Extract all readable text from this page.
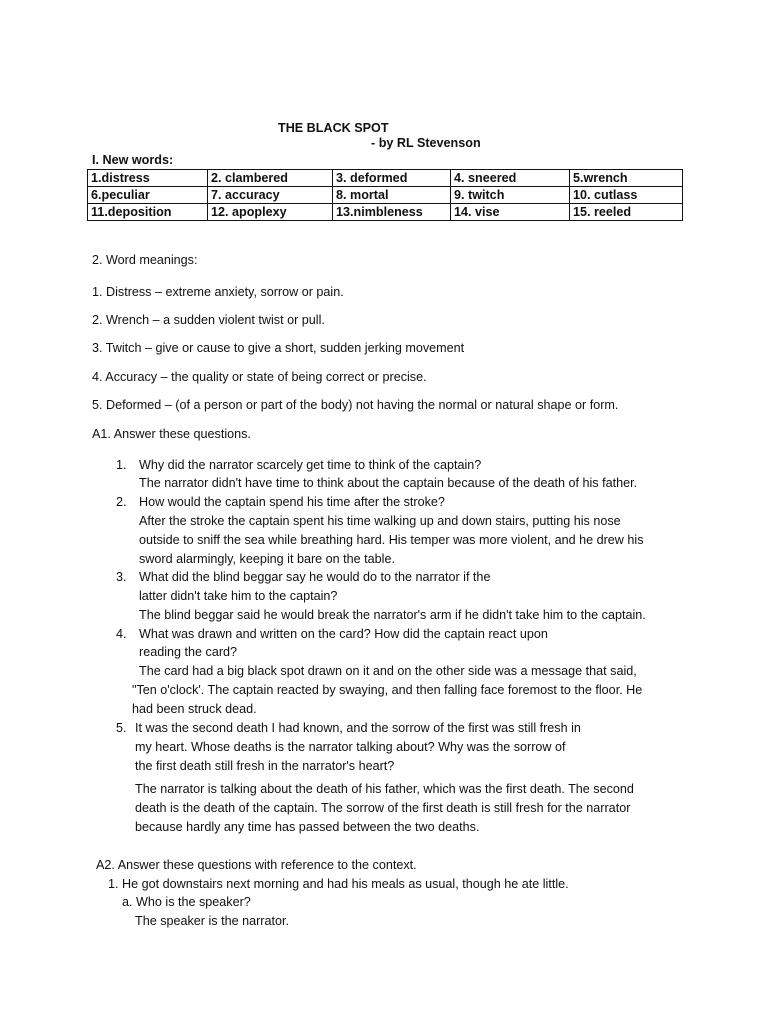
THE BLACK SPOT
- by RL Stevenson
I. New words:
1.distress	2. clambered	3. deformed	4. sneered	5.wrench
6.peculiar	7. accuracy	8. mortal	9. twitch	10. cutlass
11.deposition	12. apoplexy	13.nimbleness	14. vise	15. reeled
2. Word meanings:
1. Distress – extreme anxiety, sorrow or pain.
2. Wrench – a sudden violent twist or pull.
3. Twitch – give or cause to give a short, sudden jerking movement
4. Accuracy – the quality or state of being correct or precise.
5. Deformed – (of a person or part of the body) not having the normal or natural shape or form.
A1. Answer these questions.
1. Why did the narrator scarcely get time to think of the captain?
The narrator didn't have time to think about the captain because of the death of his father.
2. How would the captain spend his time after the stroke?
After the stroke the captain spent his time walking up and down stairs, putting his nose
outside to sniff the sea while breathing hard. His temper was more violent, and he drew his
sword alarmingly, keeping it bare on the table.
3. What did the blind beggar say he would do to the narrator if the
latter didn't take him to the captain?
The blind beggar said he would break the narrator's arm if he didn't take him to the captain.
4. What was drawn and written on the card? How did the captain react upon
reading the card?
The card had a big black spot drawn on it and on the other side was a message that said,
"Ten o'clock'. The captain reacted by swaying, and then falling face foremost to the floor. He
had been struck dead.
5. It was the second death I had known, and the sorrow of the first was still fresh in
my heart. Whose deaths is the narrator talking about? Why was the sorrow of
the first death still fresh in the narrator's heart?
The narrator is talking about the death of his father, which was the first death. The second
death is the death of the captain. The sorrow of the first death is still fresh for the narrator
because hardly any time has passed between the two deaths.
A2. Answer these questions with reference to the context.
1. He got downstairs next morning and had his meals as usual, though he ate little.
a. Who is the speaker?
The speaker is the narrator.
